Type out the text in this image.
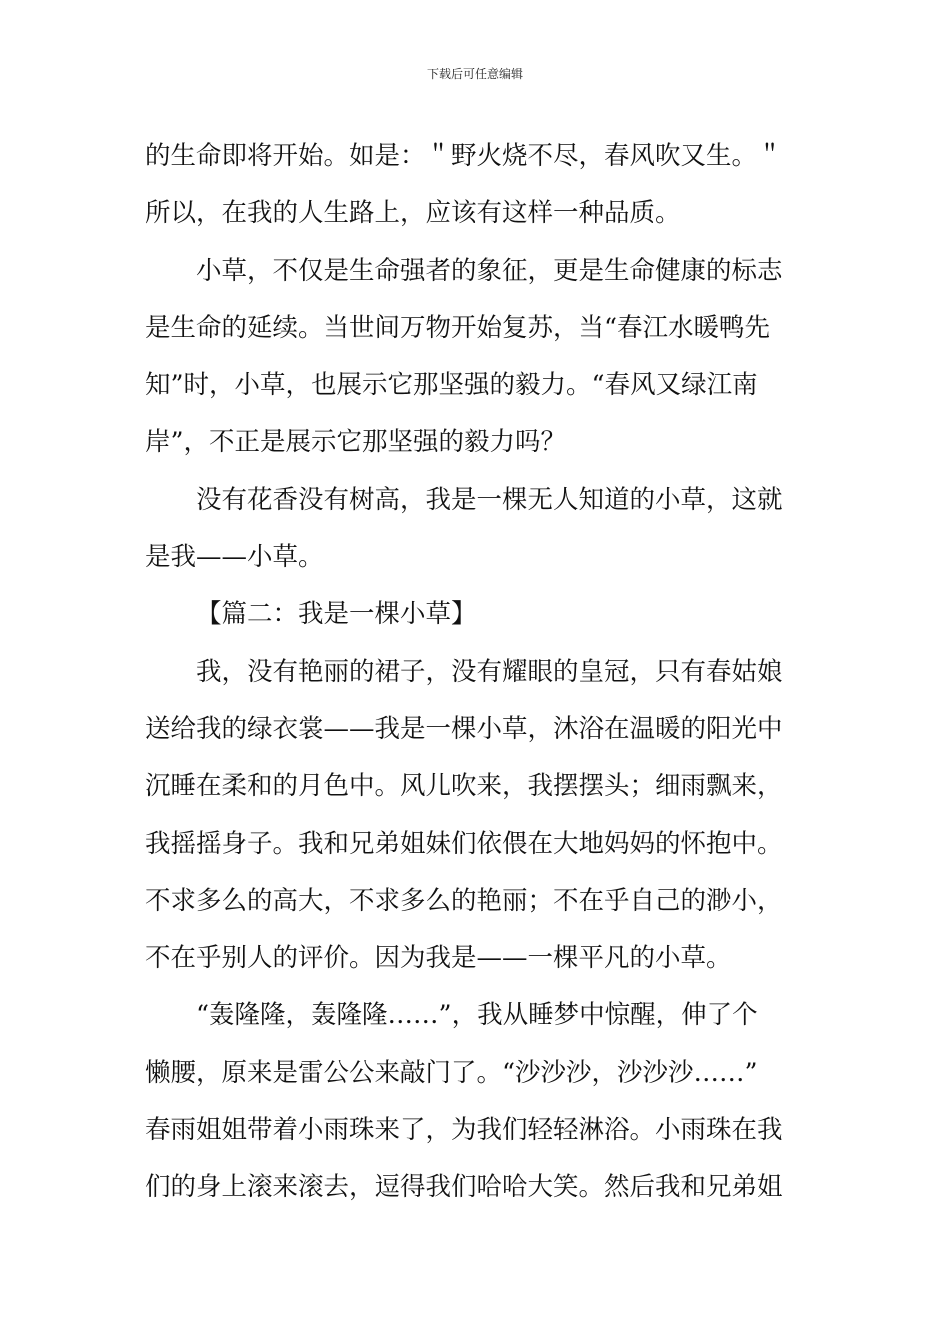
下载后可任意编辑
的生命即将开始。如是：＂野火烧不尽，春风吹又生。＂
所以，在我的人生路上，应该有这样一种品质。
小草，不仅是生命强者的象征，更是生命健康的标志
是生命的延续。当世间万物开始复苏，当“春江水暖鸭先
知”时，小草，也展示它那坚强的毅力。“春风又绿江南
岸”，不正是展示它那坚强的毅力吗？
没有花香没有树高，我是一棵无人知道的小草，这就
是我——小草。
【篇二：我是一棵小草】
我，没有艳丽的裙子，没有耀眼的皇冠，只有春姑娘
送给我的绿衣裳——我是一棵小草，沐浴在温暖的阳光中
沉睡在柔和的月色中。风儿吹来，我摆摆头；细雨飘来，
我摇摇身子。我和兄弟姐妹们依偎在大地妈妈的怀抱中。
不求多么的高大，不求多么的艳丽；不在乎自己的渺小，
不在乎别人的评价。因为我是——一棵平凡的小草。
“轰隆隆，轰隆隆……”，我从睡梦中惊醒，伸了个
懒腰，原来是雷公公来敲门了。“沙沙沙，沙沙沙……”
春雨姐姐带着小雨珠来了，为我们轻轻淋浴。小雨珠在我
们的身上滚来滚去，逗得我们哈哈大笑。然后我和兄弟姐
